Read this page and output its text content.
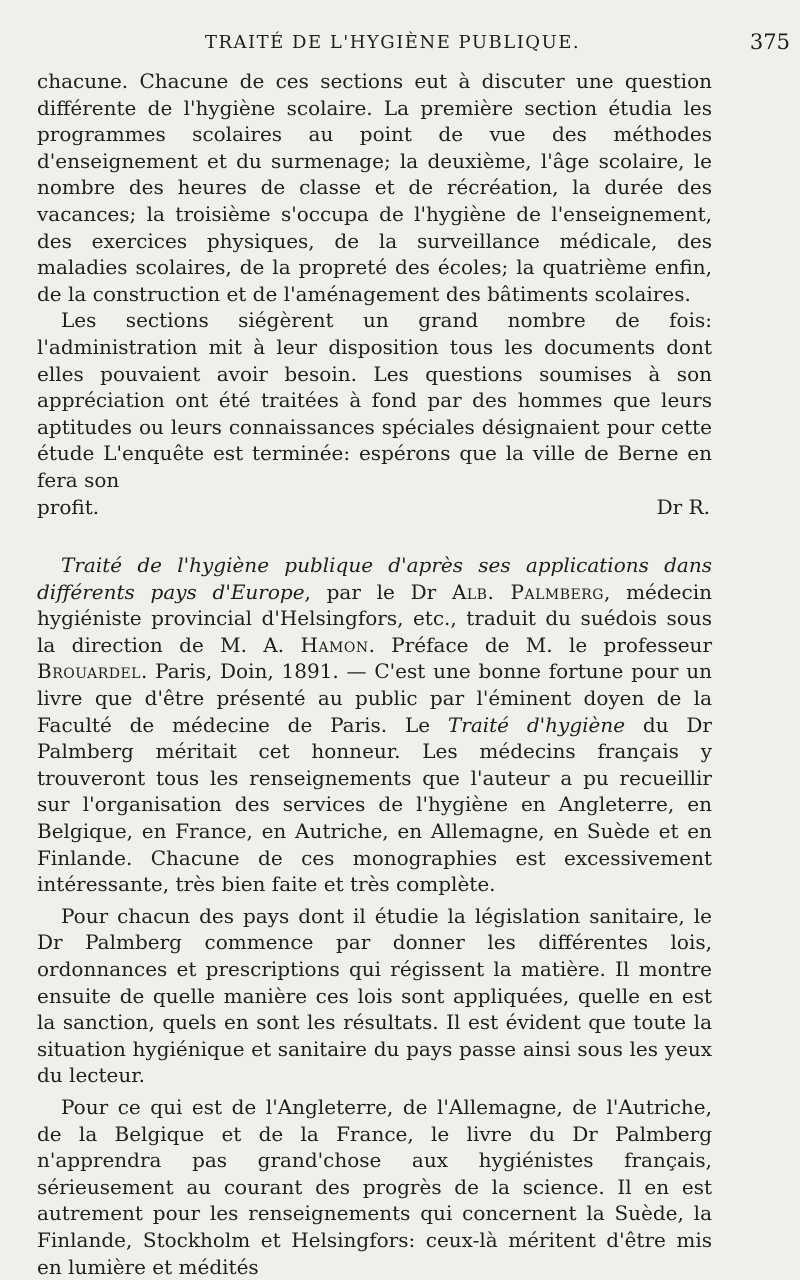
TRAITÉ DE L'HYGIÈNE PUBLIQUE.	375

chacune. Chacune de ces sections eut à discuter une question différente de l'hygiène scolaire. La première section étudia les programmes scolaires au point de vue des méthodes d'enseignement et du surmenage; la deuxième, l'âge scolaire, le nombre des heures de classe et de récréation, la durée des vacances; la troisième s'occupa de l'hygiène de l'enseignement, des exercices physiques, de la surveillance médicale, des maladies scolaires, de la propreté des écoles; la quatrième enfin, de la construction et de l'aménagement des bâtiments scolaires.

Les sections siégèrent un grand nombre de fois: l'administration mit à leur disposition tous les documents dont elles pouvaient avoir besoin. Les questions soumises à son appréciation ont été traitées à fond par des hommes que leurs aptitudes ou leurs connaissances spéciales désignaient pour cette étude L'enquête est terminée: espérons que la ville de Berne en fera son

profit.	Dr R.

Traité de l'hygiène publique d'après ses applications dans différents pays d'Europe, par le Dr Alb. Palmberg, médecin hygiéniste provincial d'Helsingfors, etc., traduit du suédois sous la direction de M. A. Hamon. Préface de M. le professeur Brouardel. Paris, Doin, 1891. — C'est une bonne fortune pour un livre que d'être présenté au public par l'éminent doyen de la Faculté de médecine de Paris. Le Traité d'hygiène du Dr Palmberg méritait cet honneur. Les médecins français y trouveront tous les renseignements que l'auteur a pu recueillir sur l'organisation des services de l'hygiène en Angleterre, en Belgique, en France, en Autriche, en Allemagne, en Suède et en Finlande. Chacune de ces monographies est excessivement intéressante, très bien faite et très complète.

Pour chacun des pays dont il étudie la législation sanitaire, le Dr Palmberg commence par donner les différentes lois, ordonnances et prescriptions qui régissent la matière. Il montre ensuite de quelle manière ces lois sont appliquées, quelle en est la sanction, quels en sont les résultats. Il est évident que toute la situation hygiénique et sanitaire du pays passe ainsi sous les yeux du lecteur.

Pour ce qui est de l'Angleterre, de l'Allemagne, de l'Autriche, de la Belgique et de la France, le livre du Dr Palmberg n'apprendra pas grand'chose aux hygiénistes français, sérieusement au courant des progrès de la science. Il en est autrement pour les renseignements qui concernent la Suède, la Finlande, Stockholm et Helsingfors: ceux-là méritent d'être mis en lumière et médités
